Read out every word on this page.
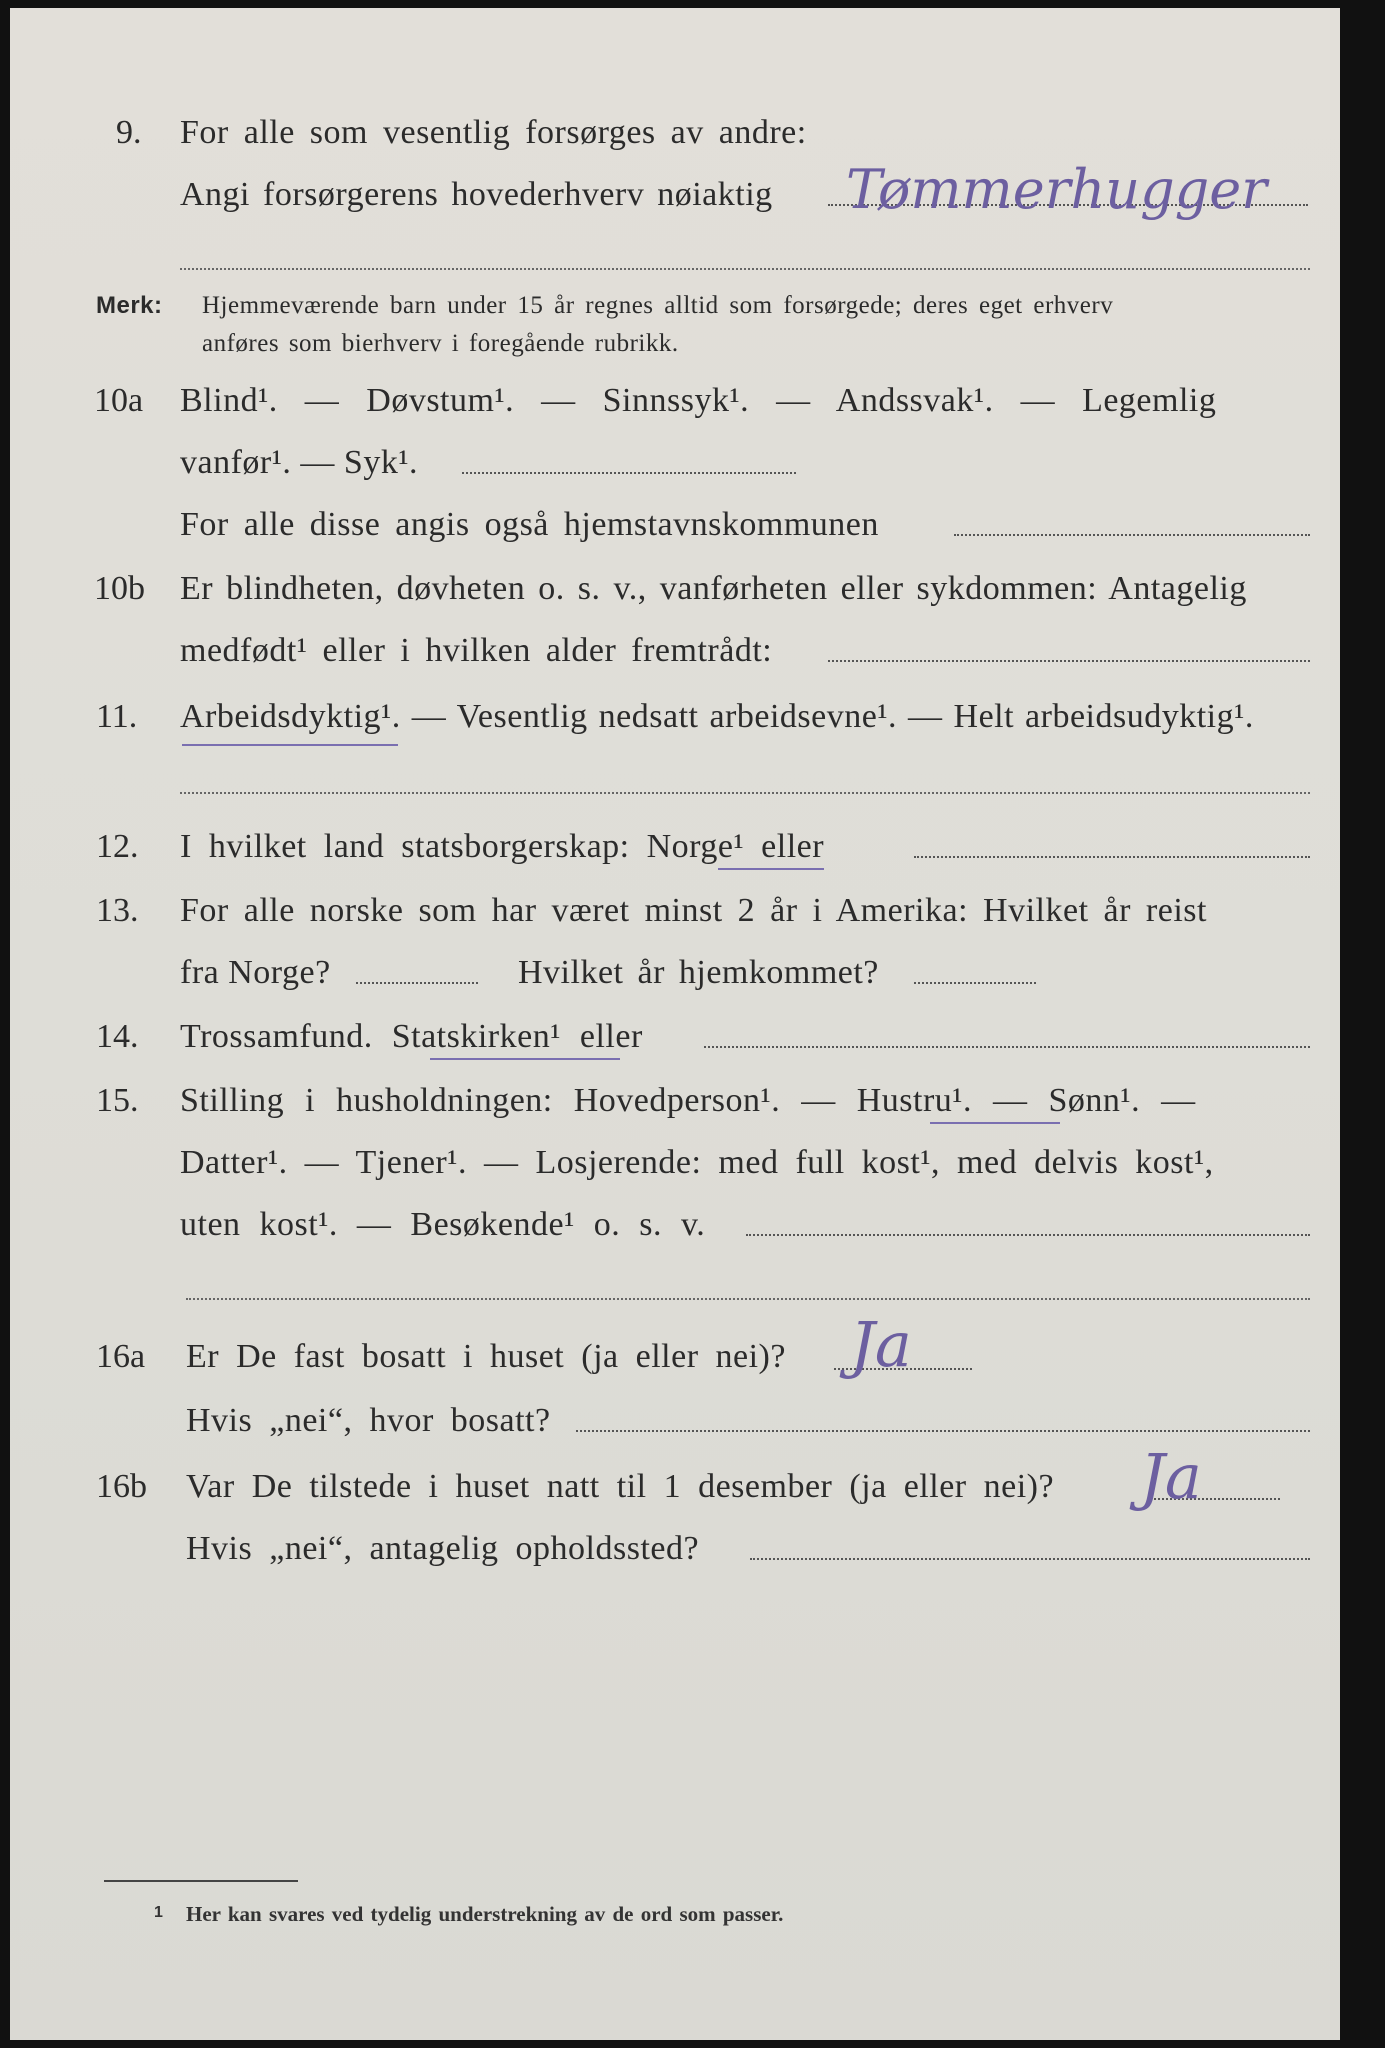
9. For alle som vesentlig forsørges av andre:
Angi forsørgerens hovederhverv nøiaktig Tømmerhugger
Merk: Hjemmeværende barn under 15 år regnes alltid som forsørgede; deres eget erhverv
anføres som bierhverv i foregående rubrikk.
10a Blind¹. — Døvstum¹. — Sinnssyk¹. — Andssvak¹. — Legemlig
vanfør¹. — Syk¹.
For alle disse angis også hjemstavnskommunen
10b Er blindheten, døvheten o. s. v., vanførheten eller sykdommen: Antagelig
medfødt¹ eller i hvilken alder fremtrådt:
11. Arbeidsdyktig¹. — Vesentlig nedsatt arbeidsevne¹. — Helt arbeidsudyktig¹.
12. I hvilket land statsborgerskap: Norge¹ eller
13. For alle norske som har været minst 2 år i Amerika: Hvilket år reist
fra Norge?	Hvilket år hjemkommet?
14. Trossamfund. Statskirken¹ eller
15. Stilling i husholdningen: Hovedperson¹. — Hustru¹. — Sønn¹. —
Datter¹. — Tjener¹. — Losjerende: med full kost¹, med delvis kost¹,
uten kost¹. — Besøkende¹ o. s. v.
16a Er De fast bosatt i huset (ja eller nei)? Ja
Hvis „nei“, hvor bosatt?
16b Var De tilstede i huset natt til 1 desember (ja eller nei)? Ja
Hvis „nei“, antagelig opholdssted?
1 Her kan svares ved tydelig understrekning av de ord som passer.
